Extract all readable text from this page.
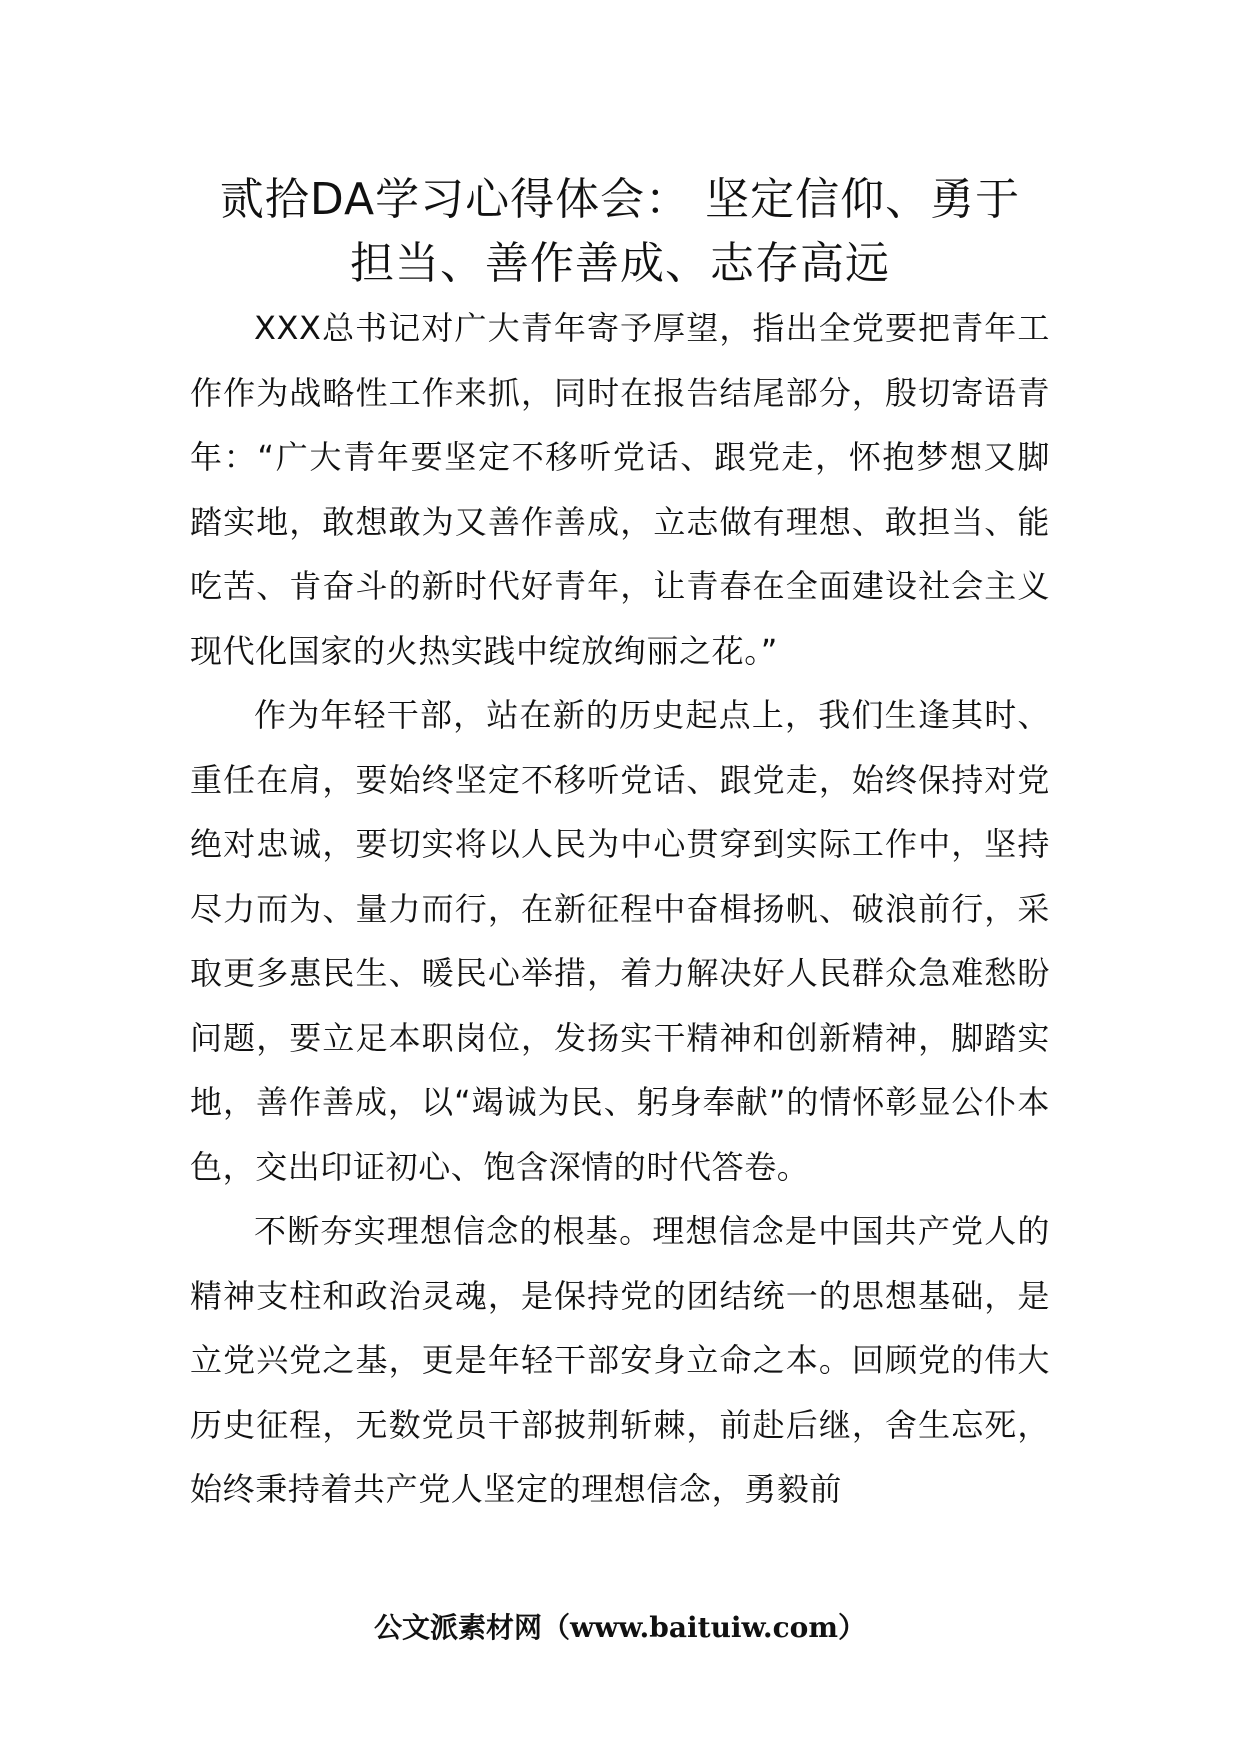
贰拾DA学习心得体会： 坚定信仰、勇于
担当、善作善成、志存高远

XXX总书记对广大青年寄予厚望，指出全党要把青年工作作为战略性工作来抓，同时在报告结尾部分，殷切寄语青年：“广大青年要坚定不移听党话、跟党走，怀抱梦想又脚踏实地，敢想敢为又善作善成，立志做有理想、敢担当、能吃苦、肯奋斗的新时代好青年，让青春在全面建设社会主义现代化国家的火热实践中绽放绚丽之花。”

作为年轻干部，站在新的历史起点上，我们生逢其时、重任在肩，要始终坚定不移听党话、跟党走，始终保持对党绝对忠诚，要切实将以人民为中心贯穿到实际工作中，坚持尽力而为、量力而行，在新征程中奋楫扬帆、破浪前行，采取更多惠民生、暖民心举措，着力解决好人民群众急难愁盼问题，要立足本职岗位，发扬实干精神和创新精神，脚踏实地，善作善成，以“竭诚为民、躬身奉献”的情怀彰显公仆本色，交出印证初心、饱含深情的时代答卷。

不断夯实理想信念的根基。理想信念是中国共产党人的精神支柱和政治灵魂，是保持党的团结统一的思想基础，是立党兴党之基，更是年轻干部安身立命之本。回顾党的伟大历史征程，无数党员干部披荆斩棘，前赴后继，舍生忘死，始终秉持着共产党人坚定的理想信念，勇毅前

公文派素材网（www.baituiw.com）
